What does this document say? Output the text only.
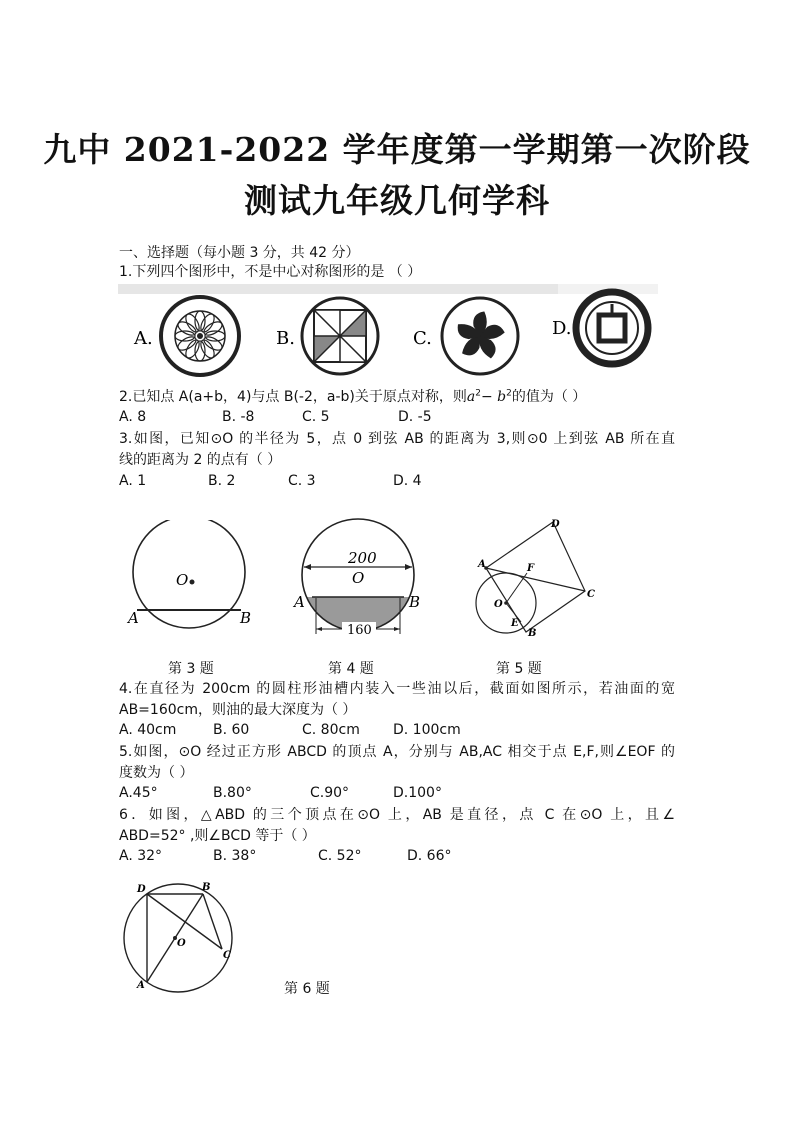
九中 2021-2022 学年度第一学期第一次阶段
测试九年级几何学科
一、选择题（每小题 3 分，共 42 分）
1.下列四个图形中，不是中心对称图形的是 （ ）
A.	B.	C.	D.
2.已知点 A(a+b，4)与点 B(-2，a-b)关于原点对称，则$a^2- b^2$的值为（ ）
A. 8	B. -8	C. 5	D. -5
3.如图，已知⊙O 的半径为 5，点 0 到弦 AB 的距离为 3,则⊙0 上到弦 AB 所在直
线的距离为 2 的点有（ ）
A. 1	B. 2	C. 3	D. 4
O
A	B
200
O
A	B
160
A
D
F
C
O
E
B
第 3 题	第 4 题	第 5 题
4.在直径为 200cm 的圆柱形油槽内装入一些油以后，截面如图所示，若油面的宽
AB=160cm，则油的最大深度为（ ）
A. 40cm	B. 60	C. 80cm D. 100cm
5.如图，⊙O 经过正方形 ABCD 的顶点 A，分别与 AB,AC 相交于点 E,F,则∠EOF 的
度数为（ ）
A.45°	B.80°	C.90°	D.100°
6．如图，△ABD 的三个顶点在⊙O 上，AB 是直径，点 C 在⊙O 上，且∠
ABD=52° ,则∠BCD 等于（ ）
A. 32°	B. 38°	C. 52°	D. 66°
D	B
O
C
A	第 6 题
